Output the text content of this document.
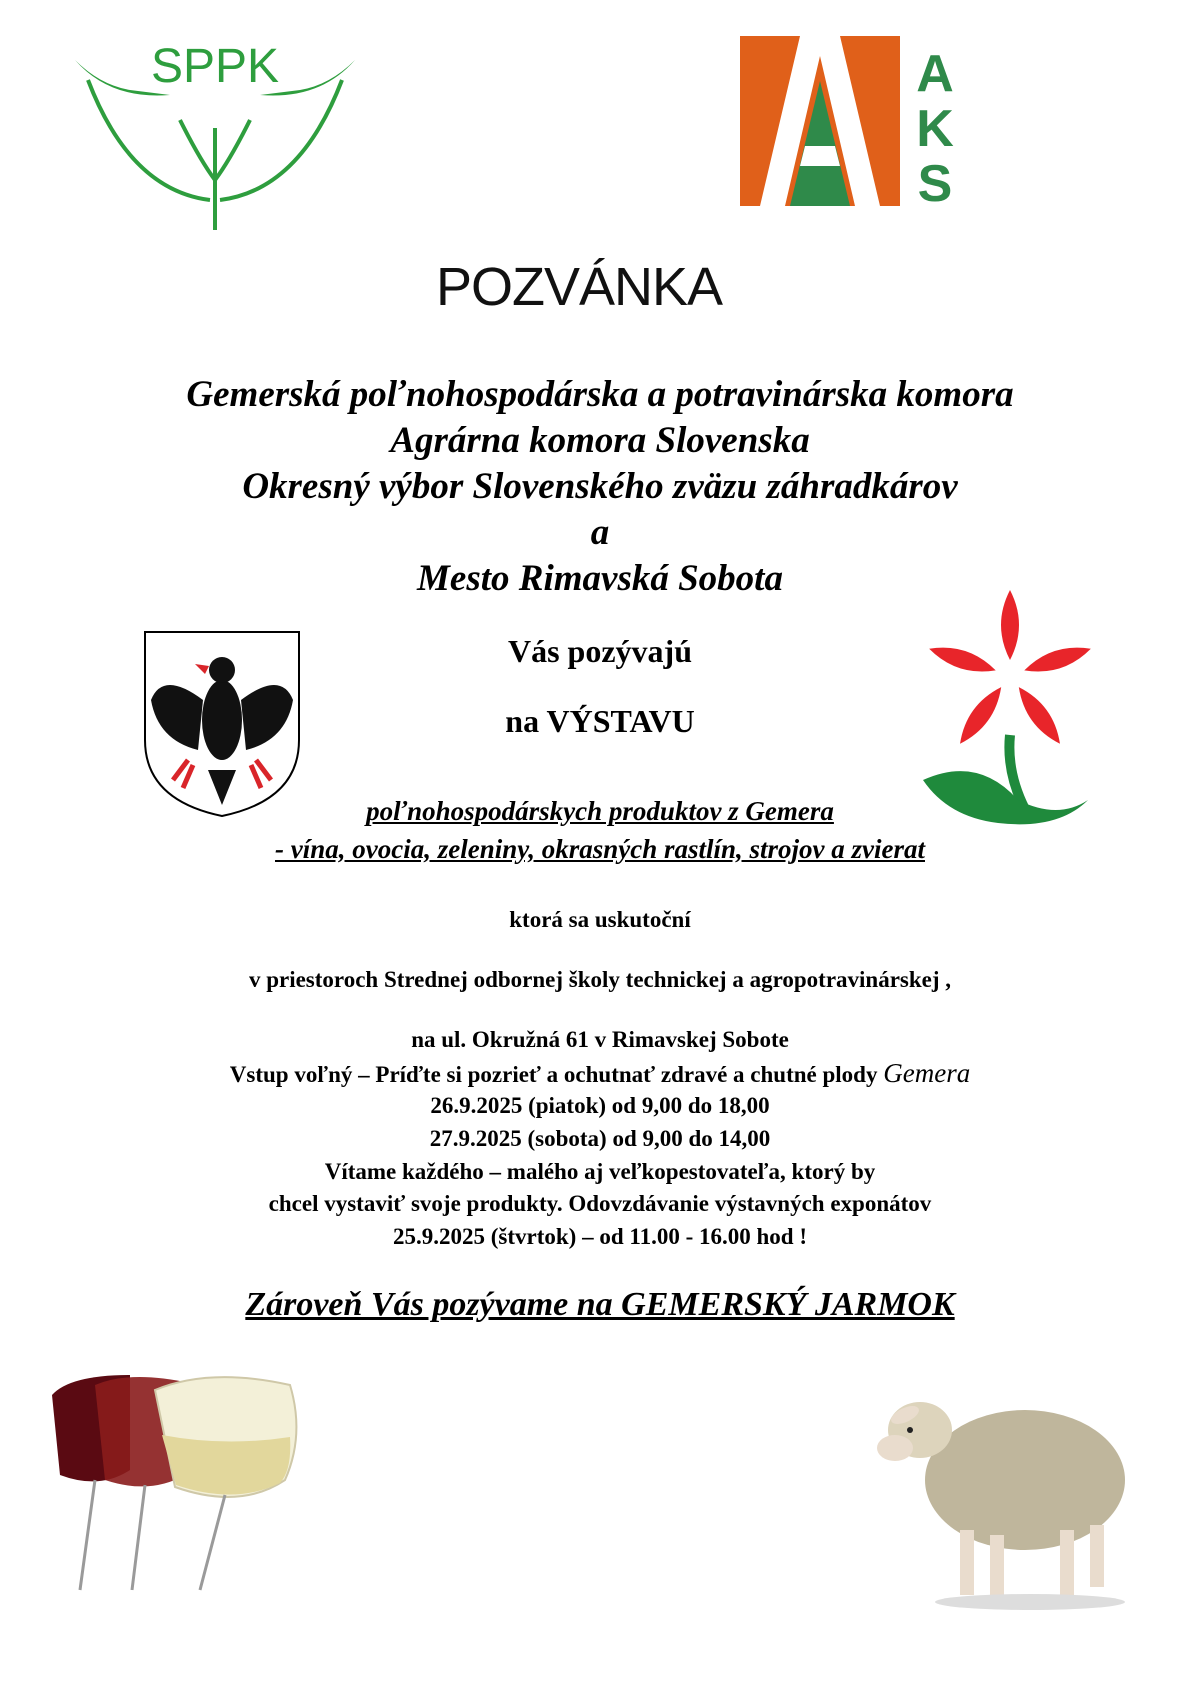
SPPK	A
K
S
POZVÁNKA
Gemerská poľnohospodárska a potravinárska komora
Agrárna komora Slovenska
Okresný výbor Slovenského zväzu záhradkárov
a
Mesto Rimavská Sobota
Vás pozývajú
na VÝSTAVU
poľnohospodárskych produktov z Gemera
- vína, ovocia, zeleniny, okrasných rastlín, strojov a zvierat
ktorá sa uskutoční
v priestoroch Strednej odbornej školy technickej a agropotravinárskej ,
na ul. Okružná 61 v Rimavskej Sobote
Vstup voľný – Príďte si pozrieť a ochutnať zdravé a chutné plody Gemera
26.9.2025 (piatok) od 9,00 do 18,00
27.9.2025 (sobota) od 9,00 do 14,00
Vítame každého – malého aj veľkopestovateľa, ktorý by
chcel vystaviť svoje produkty. Odovzdávanie výstavných exponátov
25.9.2025 (štvrtok) – od 11.00 - 16.00 hod !
Zároveň Vás pozývame na GEMERSKÝ JARMOK
